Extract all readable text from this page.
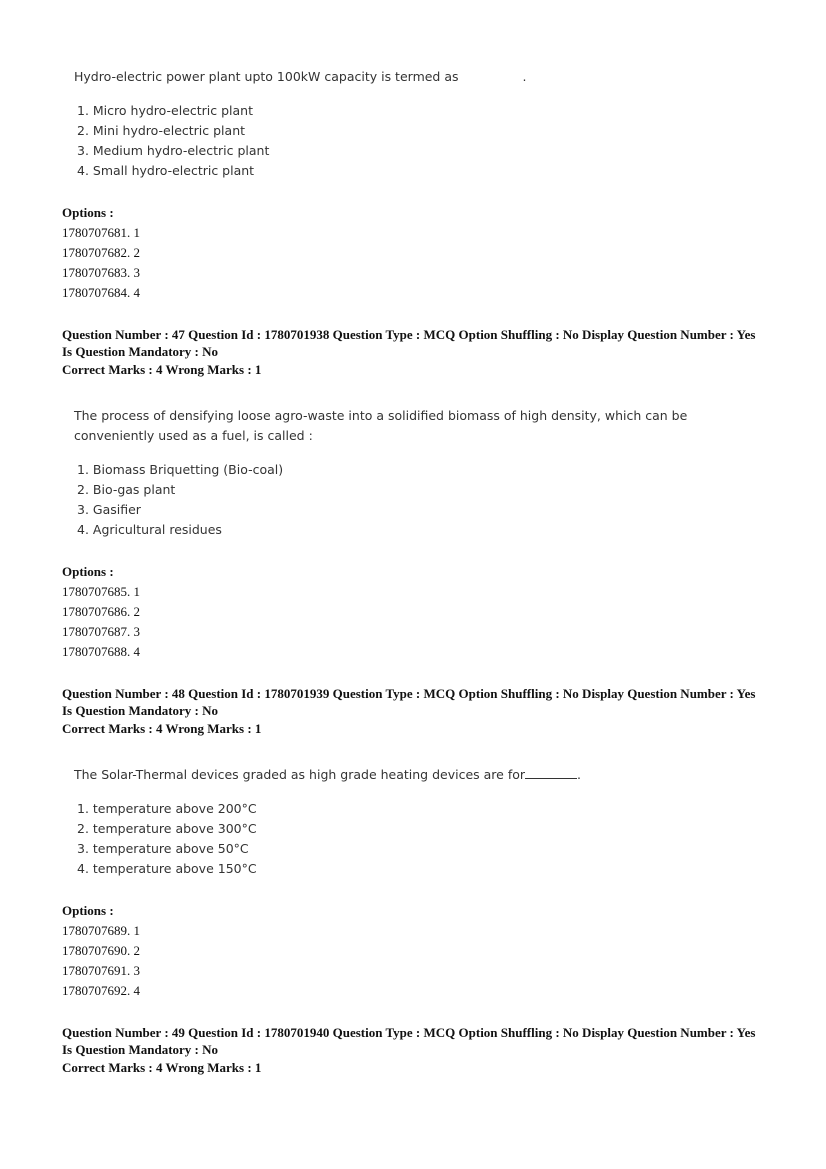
Hydro-electric power plant upto 100kW capacity is termed as	.
1. Micro hydro-electric plant
2. Mini hydro-electric plant
3. Medium hydro-electric plant
4. Small hydro-electric plant
Options :
1780707681. 1
1780707682. 2
1780707683. 3
1780707684. 4
Question Number : 47 Question Id : 1780701938 Question Type : MCQ Option Shuffling : No Display Question Number : Yes
Is Question Mandatory : No
Correct Marks : 4 Wrong Marks : 1
The process of densifying loose agro-waste into a solidified biomass of high density, which can be conveniently used as a fuel, is called :
1. Biomass Briquetting (Bio-coal)
2. Bio-gas plant
3. Gasifier
4. Agricultural residues
Options :
1780707685. 1
1780707686. 2
1780707687. 3
1780707688. 4
Question Number : 48 Question Id : 1780701939 Question Type : MCQ Option Shuffling : No Display Question Number : Yes
Is Question Mandatory : No
Correct Marks : 4 Wrong Marks : 1
The Solar-Thermal devices graded as high grade heating devices are for	.
1. temperature above 200°C
2. temperature above 300°C
3. temperature above 50°C
4. temperature above 150°C
Options :
1780707689. 1
1780707690. 2
1780707691. 3
1780707692. 4
Question Number : 49 Question Id : 1780701940 Question Type : MCQ Option Shuffling : No Display Question Number : Yes
Is Question Mandatory : No
Correct Marks : 4 Wrong Marks : 1
